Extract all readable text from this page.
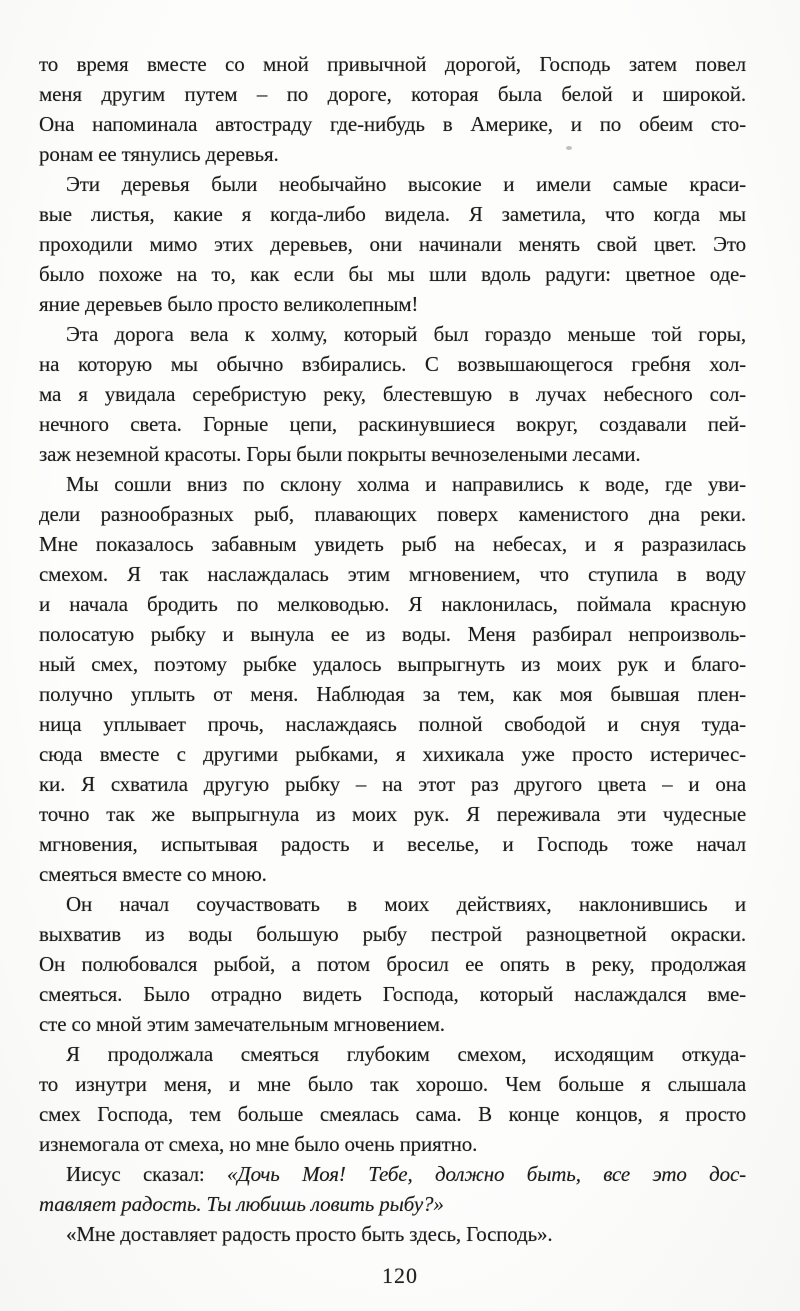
то время вместе со мной привычной дорогой, Господь затем повел
меня другим путем – по дороге, которая была белой и широкой.
Она напоминала автостраду где-нибудь в Америке, и по обеим сто-
ронам ее тянулись деревья.
Эти деревья были необычайно высокие и имели самые краси-
вые листья, какие я когда-либо видела. Я заметила, что когда мы
проходили мимо этих деревьев, они начинали менять свой цвет. Это
было похоже на то, как если бы мы шли вдоль радуги: цветное оде-
яние деревьев было просто великолепным!
Эта дорога вела к холму, который был гораздо меньше той горы,
на которую мы обычно взбирались. С возвышающегося гребня хол-
ма я увидала серебристую реку, блестевшую в лучах небесного сол-
нечного света. Горные цепи, раскинувшиеся вокруг, создавали пей-
заж неземной красоты. Горы были покрыты вечнозелеными лесами.
Мы сошли вниз по склону холма и направились к воде, где уви-
дели разнообразных рыб, плавающих поверх каменистого дна реки.
Мне показалось забавным увидеть рыб на небесах, и я разразилась
смехом. Я так наслаждалась этим мгновением, что ступила в воду
и начала бродить по мелководью. Я наклонилась, поймала красную
полосатую рыбку и вынула ее из воды. Меня разбирал непроизволь-
ный смех, поэтому рыбке удалось выпрыгнуть из моих рук и благо-
получно уплыть от меня. Наблюдая за тем, как моя бывшая плен-
ница уплывает прочь, наслаждаясь полной свободой и снуя туда-
сюда вместе с другими рыбками, я хихикала уже просто истеричес-
ки. Я схватила другую рыбку – на этот раз другого цвета – и она
точно так же выпрыгнула из моих рук. Я переживала эти чудесные
мгновения, испытывая радость и веселье, и Господь тоже начал
смеяться вместе со мною.
Он начал соучаствовать в моих действиях, наклонившись и
выхватив из воды большую рыбу пестрой разноцветной окраски.
Он полюбовался рыбой, а потом бросил ее опять в реку, продолжая
смеяться. Было отрадно видеть Господа, который наслаждался вме-
сте со мной этим замечательным мгновением.
Я продолжала смеяться глубоким смехом, исходящим откуда-
то изнутри меня, и мне было так хорошо. Чем больше я слышала
смех Господа, тем больше смеялась сама. В конце концов, я просто
изнемогала от смеха, но мне было очень приятно.
Иисус сказал: «Дочь Моя! Тебе, должно быть, все это дос-
тавляет радость. Ты любишь ловить рыбу?»
«Мне доставляет радость просто быть здесь, Господь».
120
